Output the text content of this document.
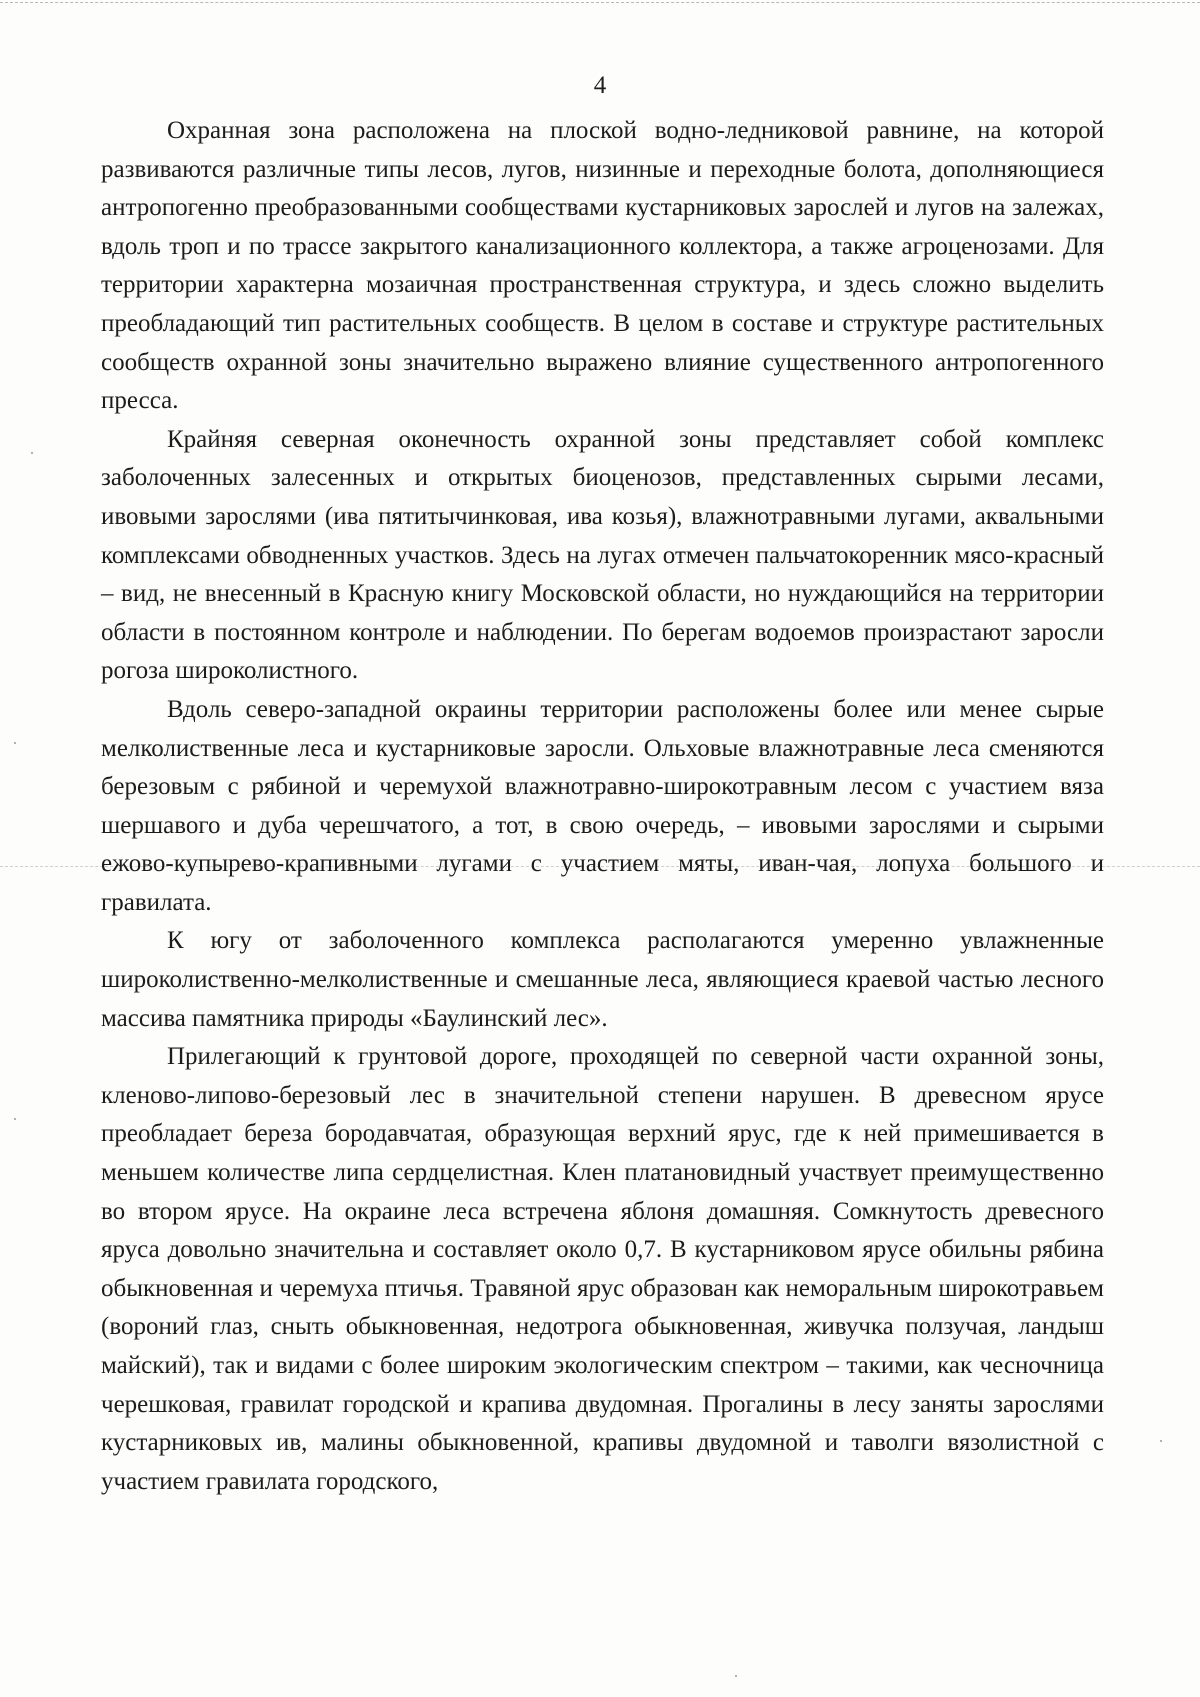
4

Охранная зона расположена на плоской водно-ледниковой равнине, на которой развиваются различные типы лесов, лугов, низинные и переходные болота, дополняющиеся антропогенно преобразованными сообществами кустарниковых зарослей и лугов на залежах, вдоль троп и по трассе закрытого канализационного коллектора, а также агроценозами. Для территории характерна мозаичная пространственная структура, и здесь сложно выделить преобладающий тип растительных сообществ. В целом в составе и структуре растительных сообществ охранной зоны значительно выражено влияние существенного антропогенного пресса.

Крайняя северная оконечность охранной зоны представляет собой комплекс заболоченных залесенных и открытых биоценозов, представленных сырыми лесами, ивовыми зарослями (ива пятитычинковая, ива козья), влажнотравными лугами, аквальными комплексами обводненных участков. Здесь на лугах отмечен пальчатокоренник мясо-красный – вид, не внесенный в Красную книгу Московской области, но нуждающийся на территории области в постоянном контроле и наблюдении. По берегам водоемов произрастают заросли рогоза широколистного.

Вдоль северо-западной окраины территории расположены более или менее сырые мелколиственные леса и кустарниковые заросли. Ольховые влажнотравные леса сменяются березовым с рябиной и черемухой влажнотравно-широкотравным лесом с участием вяза шершавого и дуба черешчатого, а тот, в свою очередь, – ивовыми зарослями и сырыми ежово-купырево-крапивными лугами с участием мяты, иван-чая, лопуха большого и гравилата.

К югу от заболоченного комплекса располагаются умеренно увлажненные широколиственно-мелколиственные и смешанные леса, являющиеся краевой частью лесного массива памятника природы «Баулинский лес».

Прилегающий к грунтовой дороге, проходящей по северной части охранной зоны, кленово-липово-березовый лес в значительной степени нарушен. В древесном ярусе преобладает береза бородавчатая, образующая верхний ярус, где к ней примешивается в меньшем количестве липа сердцелистная. Клен платановидный участвует преимущественно во втором ярусе. На окраине леса встречена яблоня домашняя. Сомкнутость древесного яруса довольно значительна и составляет около 0,7. В кустарниковом ярусе обильны рябина обыкновенная и черемуха птичья. Травяной ярус образован как неморальным широкотравьем (вороний глаз, сныть обыкновенная, недотрога обыкновенная, живучка ползучая, ландыш майский), так и видами с более широким экологическим спектром – такими, как чесночница черешковая, гравилат городской и крапива двудомная. Прогалины в лесу заняты зарослями кустарниковых ив, малины обыкновенной, крапивы двудомной и таволги вязолистной с участием гравилата городского,
